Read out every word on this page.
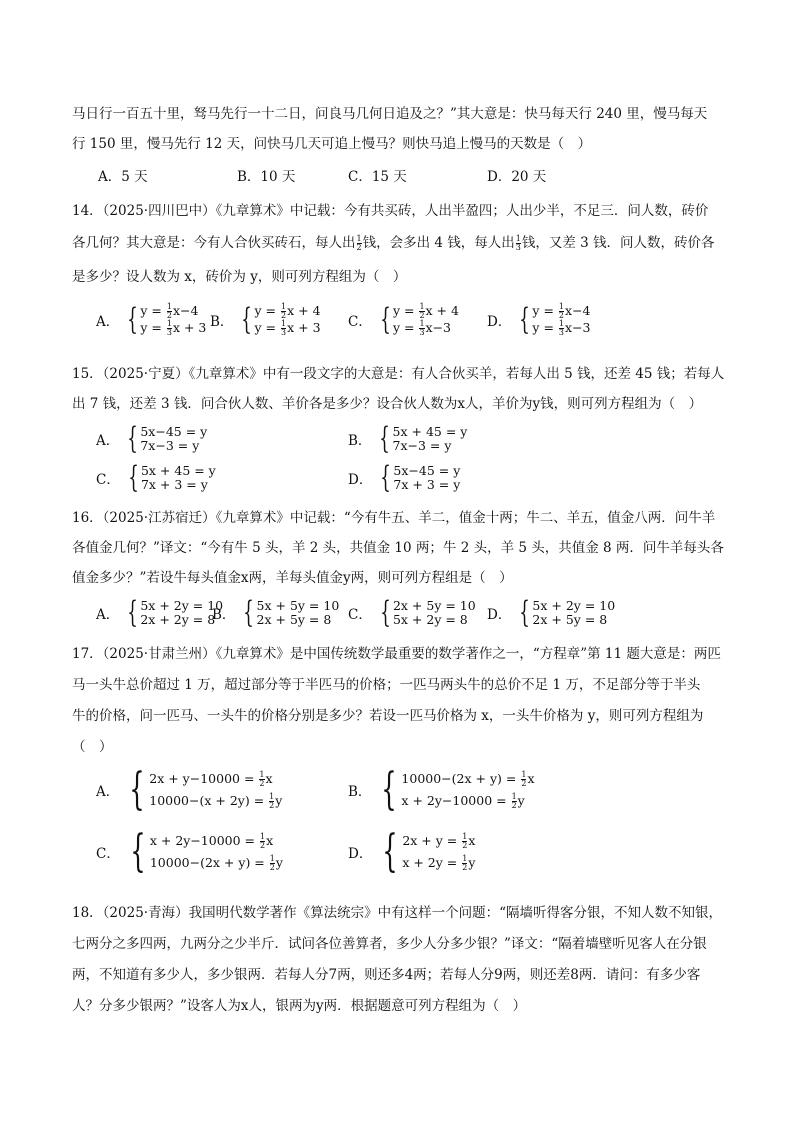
马日行一百五十里，驽马先行一十二日，问良马几何日追及之？”其大意是：快马每天行 240 里，慢马每天
行 150 里，慢马先行 12 天，问快马几天可追上慢马？则快马追上慢马的天数是（　）
A．5 天	B．10 天	C．15 天	D．20 天
14．（2025·四川巴中）《九章算术》中记载：今有共买砖，人出半盈四；人出少半，不足三．问人数，砖价
各几何？其大意是：今有人合伙买砖石，每人出 $\frac{1}{2}$ 钱，会多出 4 钱，每人出 $\frac{1}{3}$ 钱，又差 3 钱．问人数，砖价各
是多少？设人数为 x，砖价为 y，则可列方程组为（　）
A． { $y = \frac{1}{2} x-4$
$y = \frac{1}{3}$ x + 3 B． { $y = \frac{1}{2}$ x + 4
$y = \frac{1}{3}$ x + 3 C． { $y = \frac{1}{2}$ x + 4
$y = \frac{1}{3} x-3$	D． { $y = \frac{1}{2} x-4$
$y = \frac{1}{3} x-3$
15．（2025·宁夏）《九章算术》中有一段文字的大意是：有人合伙买羊，若每人出 5 钱，还差 45 钱；若每人
出 7 钱，还差 3 钱．问合伙人数、羊价各是多少？设合伙人数为x人，羊价为y钱，则可列方程组为（　）
A． { 5x−45 = y
7x−3 = y	B． { 5x + 45 = y
7x−3 = y
C． { 5x + 45 = y
7x + 3 = y	D． { 5x−45 = y
7x + 3 = y
16．（2025·江苏宿迁）《九章算术》中记载：“今有牛五、羊二，值金十两；牛二、羊五，值金八两．问牛羊
各值金几何？”译文：“今有牛 5 头，羊 2 头，共值金 10 两；牛 2 头，羊 5 头，共值金 8 两．问牛羊每头各
值金多少？”若设牛每头值金x两，羊每头值金y两，则可列方程组是（　）
A． { 5x + 2y = 10
2x + 2y = 8
B． { 5x + 5y = 10
2x + 5y = 8	C． { 2x + 5y = 10
5x + 2y = 8	D． { 5x + 2y = 10
2x + 5y = 8
17．（2025·甘肃兰州）《九章算术》是中国传统数学最重要的数学著作之一，“方程章”第 11 题大意是：两匹
马一头牛总价超过 1 万，超过部分等于半匹马的价格；一匹马两头牛的总价不足 1 万，不足部分等于半头
牛的价格，问一匹马、一头牛的价格分别是多少？若设一匹马价格为 x，一头牛价格为 y，则可列方程组为
（　）
A． { $2x + y-10000 = \frac{1}{2}$ x
$10000-(x + 2y) = \frac{1}{2}$ y
B． { $10000-(2x + y) = \frac{1}{2}$ x
$x + 2y-10000 = \frac{1}{2}$ y
C． { $x + 2y-10000 = \frac{1}{2}$ x
$10000-(2x + y) = \frac{1}{2}$ y
D． { $2x + y = \frac{1}{2}$ x
$x + 2y = \frac{1}{2}$ y
18．（2025·青海）我国明代数学著作《算法统宗》中有这样一个问题：“隔墙听得客分银，不知人数不知银，
七两分之多四两，九两分之少半斤．试问各位善算者，多少人分多少银？”译文：“隔着墙壁听见客人在分银
两，不知道有多少人，多少银两．若每人分7两，则还多4两；若每人分9两，则还差8两．请问：有多少客
人？分多少银两？”设客人为x人，银两为y两．根据题意可列方程组为（　）
